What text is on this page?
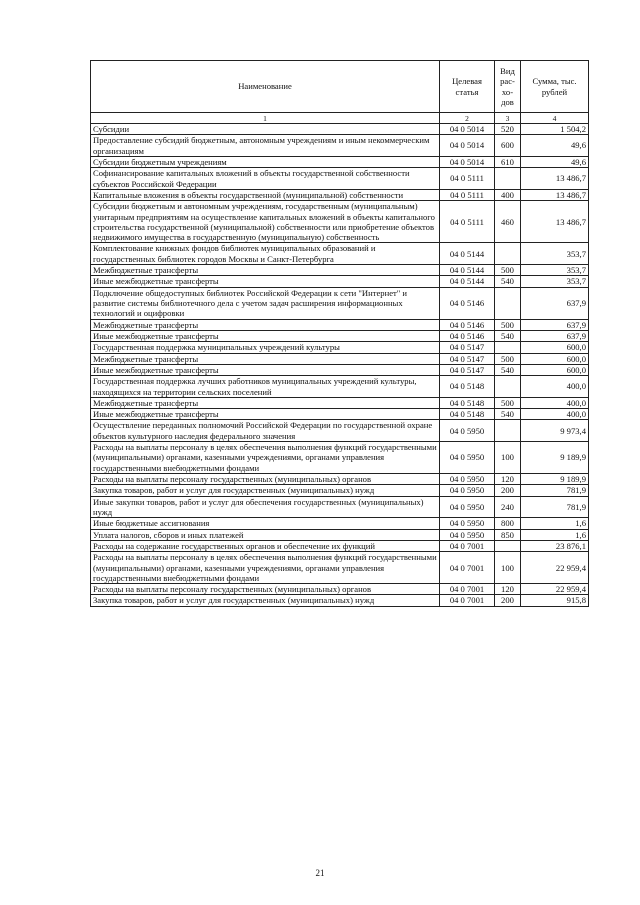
Наименование	Целевая статья	Вид рас-хо-дов	Сумма, тыс. рублей
1	2	3	4
Субсидии	04 0 5014	520	1 504,2
Предоставление субсидий бюджетным, автономным учреждениям и иным некоммерческим организациям	04 0 5014	600	49,6
Субсидии бюджетным учреждениям	04 0 5014	610	49,6
Софинансирование капитальных вложений в объекты государственной собственности субъектов Российской Федерации	04 0 5111		13 486,7
Капитальные вложения в объекты государственной (муниципальной) собственности	04 0 5111	400	13 486,7
Субсидии бюджетным и автономным учреждениям, государственным (муниципальным) унитарным предприятиям на осуществление капитальных вложений в объекты капитального строительства государственной (муниципальной) собственности или приобретение объектов недвижимого имущества в государственную (муниципальную) собственность	04 0 5111	460	13 486,7
Комплектование книжных фондов библиотек муниципальных образований и государственных библиотек городов Москвы и Санкт-Петербурга	04 0 5144		353,7
Межбюджетные трансферты	04 0 5144	500	353,7
Иные межбюджетные трансферты	04 0 5144	540	353,7
Подключение общедоступных библиотек Российской Федерации к сети "Интернет" и развитие системы библиотечного дела с учетом задач расширения информационных технологий и оцифровки	04 0 5146		637,9
Межбюджетные трансферты	04 0 5146	500	637,9
Иные межбюджетные трансферты	04 0 5146	540	637,9
Государственная поддержка муниципальных учреждений культуры	04 0 5147		600,0
Межбюджетные трансферты	04 0 5147	500	600,0
Иные межбюджетные трансферты	04 0 5147	540	600,0
Государственная поддержка лучших работников муниципальных учреждений культуры, находящихся на территории сельских поселений	04 0 5148		400,0
Межбюджетные трансферты	04 0 5148	500	400,0
Иные межбюджетные трансферты	04 0 5148	540	400,0
Осуществление переданных полномочий Российской Федерации по государственной охране объектов культурного наследия федерального значения	04 0 5950		9 973,4
Расходы на выплаты персоналу в целях обеспечения выполнения функций государственными (муниципальными) органами, казенными учреждениями, органами управления государственными внебюджетными фондами	04 0 5950	100	9 189,9
Расходы на выплаты персоналу государственных (муниципальных) органов	04 0 5950	120	9 189,9
Закупка товаров, работ и услуг для государственных (муниципальных) нужд	04 0 5950	200	781,9
Иные закупки товаров, работ и услуг для обеспечения государственных (муниципальных) нужд	04 0 5950	240	781,9
Иные бюджетные ассигнования	04 0 5950	800	1,6
Уплата налогов, сборов и иных платежей	04 0 5950	850	1,6
Расходы на содержание государственных органов и обеспечение их функций	04 0 7001		23 876,1
Расходы на выплаты персоналу в целях обеспечения выполнения функций государственными (муниципальными) органами, казенными учреждениями, органами управления государственными внебюджетными фондами	04 0 7001	100	22 959,4
Расходы на выплаты персоналу государственных (муниципальных) органов	04 0 7001	120	22 959,4
Закупка товаров, работ и услуг для государственных (муниципальных) нужд	04 0 7001	200	915,8
21
